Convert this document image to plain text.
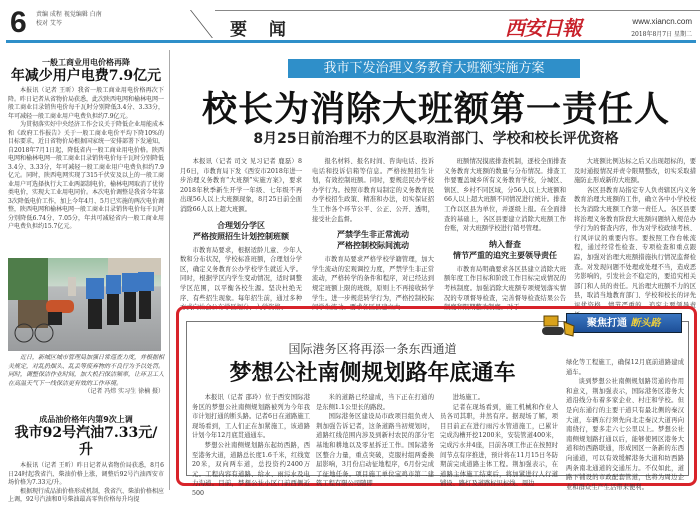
6 责编 成程 视觉编辑 白南
校对 艾芩	要 闻	西安日報	www.xiancn.com
2018年8月7日 星期二
一般工商业用电价格再降
年减少用户电费7.9亿元

本报讯（记者 王昕）我省一般工商业用电价格再次下降。昨日记者从省物价局获悉，此次陕西电网和榆林电网一般工商业目录销售电价每千瓦时分别降低3.4分、3.33分，年可减轻一般工商业用户电费负担约7.9亿元。

为贯彻落实好中央经济工作会议关于降低企业用能成本和《政府工作报告》关于一般工商业电价平均下降10%的目标要求，近日省物价局根据国家统一安排部署下发通知，自2018年7月1日起，降低省内一般工商业用电价格。陕西电网和榆林电网一般工商业目录销售电价每千瓦时分别降低3.4分、3.33分，年可减轻一般工商业用户电费负担约7.9亿元。同时，陕西电网实现了315千伏安及以上的一般工商业用户可选择执行大工业两部制电价，榆林电网取消了优待类电价，实现大工业用电同价。本次电价调整是我省今年第3次降低电价工作，加上今年4月、5月已实施的两次电价调整，陕西电网和榆林电网一般工商业目录销售电价每千瓦时分别降低6.74分、7.05分，年共可减轻省内一般工商业用户电费负担约15.7亿元。

近日，新城区城市管理局加强日常巡查力度，并根据相关规定，对乱扔烟头、乱丢等废弃物的不良行为予以处罚。同时，调整保洁作业时间，加大机扫保洁频率，让环卫工人在高温天气下一线保洁更有效的工作环境。

（记者 冯炜 实习生 徐楠 摄）
成品油价格年内第9次上调
我市92号汽油7.33元/升

本报讯（记者 王昕）昨日记者从省物价局获悉，8月6日24时起我省汽、柴油价格上涨，调整后92号汽油西安市场价格为7.33元/升。

根据现行成品油价格形成机制，我省汽、柴油价格相应上调，92号汽油和0号柴油最高零售价格每升均提

我市下发治理义务教育大班额实施方案
校长为消除大班额第一责任人
8月25日前治理不力的区县取消部门、学校和校长评优资格

本报讯（记者 司文 见习记者 鹿磊）8月6日，市教育局下发《西安市2018年进一步治理义务教育“大班额”实施方案》，要求2018年秋季新生开学一年级、七年级不再出现56人以上大班额现象，8月25日前全面消除66人以上超大班额。

合理划分学区
严格按照招生计划控制班额

市教育局要求，根据适龄儿童、少年人数和分布状况，学校标准班额，合理划分学区，确定义务教育公办学校学生就近入学。同时，根据学区内学生变动情况，适时调整学区范围，以平衡各校生源。坚决杜绝无序、有些招生现象。每年招生前，通过多种方式向社会公布学区划分、入学资格、

报名材料、报名时间、咨询电话、投诉电话和投诉信箱等信息。严格按照招生计划，有效控制班额。同时，要规范民办学校办学行为。按照市教育局制定的义务教育民办学校招生政策、精准和办法，切实保证招生工作各个环节公平、公正、公开、透明，接受社会监督。

严禁学生非正常流动
严格控制校际间流动

市教育局要求严格学校学籍管理，加大学生流动的宏观调控力度，严禁学生非正常流动，严格转学的条件和程序，对已经达到规定班额上限的班级，原则上不再接收转学学生。进一步规范转学行为，严格控制校际间学生流动。要求各区县建立大

班额情况摸底排查机制，逐校全面排查义务教育大班额的数量与分布情况。排查工作要覆盖城乡所有义务教育学校，分城区、镇区、乡村不同区域，分56人以上大班额和66人以上超大班额不同情况进行统计。排查工作以区县为单位，并逐级上报。在全面排查的基础上，各区县要建立消除大班额工作台账，对大班额学校进行销号管理。

纳入督查
情节严重的追究主要领导责任

市教育局明确要求各区县建立消除大班额年度工作目标和阶段工作目标完成情况的考核制度。加强消除大班额专项规划落实情况的专项督导检查，完善督导检查结果公告制度和限期整改制度。对于

大班额比例达标之后又出现超标的，要及时通报情况并责令限期整改，切实采取措施防止形成新的大班额。

各区县教育局指定专人负责辖区内义务教育治理大班额的工作，确立各中小学校校长为消除大班额工作第一责任人。各区县要将治理义务教育阶段大班额问题纳入规范办学行为的督查内容，作为对学校政绩考核、行风评议的重要内容。要按照工作台帐流程，通过经常性检查、专项检查和重点跟踪，加强对治理大班额措施执行情况监督检查。对发现问题不处理或处理不当，造成恶劣影响的，引发社会不稳定的，要追究相关部门和人员的责任。凡治理大班额不力的区县，取消当地教育部门、学校和校长的评先评优资格。情节严重的，追究主要领导责

聚焦打通 断头路
国际港务区将再添一条东西通道
梦想公社南侧规划路年底通车

本报讯（记者 邵玲）位于西安国际港务区的梦想公社南侧规划路被列为今年我市计划打通的断头路。记者6日在道路施工现场看到，工人们正在加紧施工，该道路计划今年12月底贯通通车。

梦想公社南侧规划路东起纺西路，西至港务大道，道路总长度1.6千米，红线宽20米，双向两车道，总投资约2400万元。工程内容有道路、给水、雨污水及电力沟道。目前，梦想公社小区门前西侧近500

米的道路已经建成，当下正在打通的是东侧1.1公里长的路段。

国际港务区建设局市政项目组负责人荆加强告诉记者，这条道路当初规划时，道路红线范围内涉及到新村农民的部分宅基地和耕地以及零星拆迁工作。国际港务区整合力量，重点突破，克服村组两委换届影响，3月份启动征地程序，6月份完成了征地任务。项目施工单位宝鸡市第二建筑工程有限公司随即

进场施工。

记者在现场看到，施工机械和作业人员各司其职，井然有序。据现场了解，项目目前正在进行雨污水管道施工，已累计完成沟槽开挖1200米，安装管道400米，完成污水井4座，目前各项工作正在按照时间节点有序推进，预计将在11月15日冬防期前完成道路主体工程。荆加强表示，在道路主体施工结束后，将加紧进行人行道铺设、路灯及道路标识标线、周边

绿化等工程施工，确保12月底前道路建成通车。

谈到梦想公社南侧规划路贯通的作用和意义，荆加强表示，国际港务区港务大道沿线分布着多家企业、村庄和学校。但是向东通行的主要干道只有最北侧的秦汉大道，车辆东行须先向北走秦汉大道再向南绕行，要多走六七公里以上。梦想公社南侧规划路打通以后，能够使园区港务大道和纺西路联通，形成园区一条新的东西向通道，可以有效缓解港务大道和纺西路两条南北通道的交通压力。不仅如此，道路下铺设的市政配套管道，也将为周边企业和群众生产生活带来便利。
